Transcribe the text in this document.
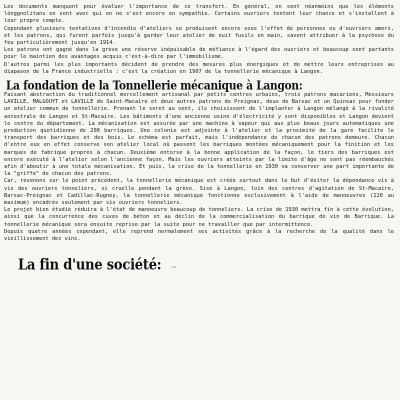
Les documents manquent pour évaluer l'importance de ce transfert. En général, on sent néanmoins que les éléments lénggnolitans en sont avec qui on ne s'est encore en sympathie. Certains ouvriers tentent leur chance et s'installent à leur propre compte.

Cependant plusieurs tentatives d'incendie d'ateliers se produisent encore sous l'effet de personnes ou d'ouvriers amers, et les patrons, qui furent parfois jusqu'à garder leur atelier de nuit fusils en main, savent attribuer à la psychose du feu particulièrement jusqu'en 1914.

Les patrons ont gagné dans la grève une réserve inépuisable de méfiance à l'égard des ouvriers et beaucoup sont partants pour le maintien des avantages acquis c'est-à-dire par l'immobilisme.

D'autres parmi les plus importants décident de prendre des mesures plus énergiques et de mettre leurs entreprises au diapason de la France industrielle : c'est la création en 1907 de la tonnellerie mécanique à Langon.

La fondation de la Tonnellerie mécanique à Langon:

Faisant abstraction du traditionnel morcellement artisanal par petits centres urbains, trois patrons macariens, Messieurs LAVILLE, MALGOUYT et LAVILLE de Saint-Macaire et deux autres patrons de Preignac, deux de Barsac et un Quinsac pour fonder un atelier commun de tonnellerie. Prenant le soret au vent, ils choisissent de l'implanter à Langon mélangé à la rivalité ancestrale de Langon et St-Macaire. Les bâtiments d'une ancienne usine d'électricité y sont disponibles et Langon devient le centre du département. La mécanisation est assurée par une machine à vapeur qui aux plus beaux jours automatiques une production quotidienne de 200 barriques. Une colonie est adjointe à l'atelier et la proximité de la gare facilite le transport des barriques et des bois. Le schéma est parfait, mais l'indépendance de chacun des patrons demeure. Chacun d'entre eux en effet conserve son atelier local où passent les barriques montées mécaniquement pour la finition et les marques de fabrique propres à chacun. Deuxième entorse à la bonne application de la façon, le tiers des barriques est encore exécuté à l'atelier selon l'ancienne façon. Mais les ouvriers atteints par la limite d'âge ne sont pas réembauchés afin d'aboutir à une totale mécanisation. Et puis, la crise de la tonnellerie en 1930 va conserver une part importante de la "griffe" de chacun des patrons.

Car, revenons sur le point précédent, la tonnellerie mécanique est créée surtout dans le but d'éviter la dépendance vis à vis des ouvriers tonneliers, si cruelle pendant la grève. Sise à Langon, loin des centres d'agitation de St-Macaire, Barsac-Preignac et Cadillac-Rugney, la tonnellerie mécanique fonctionne exclusivement à l'aide de manoeuvres (120 au maximum) encadrés seulement par six ouvriers tonneliers.

Le projet bien étudié réduira à l'état de manoeuvre beaucoup de tonneliers. La crise de 1930 mettra fin à cette évolution, ainsi que la concurrence des cuves de béton et au déclin de la commercialisation du barrique de vin de Barrique. La tonnellerie mécanique sera ensuite reprise par la suite pour ne travailler que par intermittence.

Depuis quatre années cependant, elle reprend normalement ses activités grâce à la recherche de la qualité dans le vieillissement des vins.

La fin d'une société: ...
